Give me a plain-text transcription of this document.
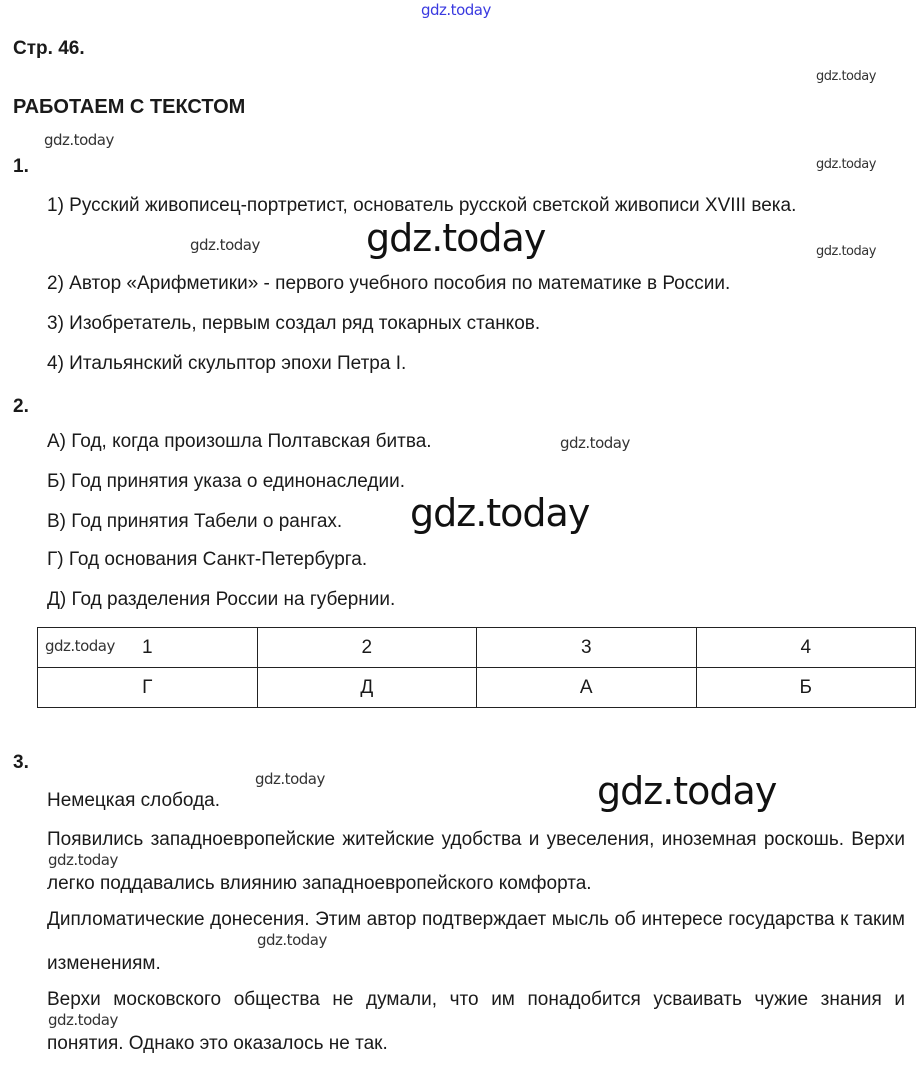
Стр. 46.
РАБОТАЕМ С ТЕКСТОМ
1.
1) Русский живописец-портретист, основатель русской светской живописи XVIII века.
2) Автор «Арифметики» - первого учебного пособия по математике в России.
3) Изобретатель, первым создал ряд токарных станков.
4) Итальянский скульптор эпохи Петра I.
2.
А) Год, когда произошла Полтавская битва.
Б) Год принятия указа о единонаследии.
В) Год принятия Табели о рангах.
Г) Год основания Санкт-Петербурга.
Д) Год разделения России на губернии.
1	2	3	4
Г	Д	А	Б
3.
Немецкая слобода.
Появились западноевропейские житейские удобства и увеселения, иноземная роскошь. Верхи легко поддавались влиянию западноевропейского комфорта.
Дипломатические донесения. Этим автор подтверждает мысль об интересе государства к таким изменениям.
Верхи московского общества не думали, что им понадобится усваивать чужие знания и понятия. Однако это оказалось не так.
gdz.today
gdz.today
gdz.today
gdz.today
gdz.today	gdz.today
gdz.today
gdz.today
gdz.today
gdz.today
gdz.today	gdz.today
gdz.today
gdz.today
gdz.today
